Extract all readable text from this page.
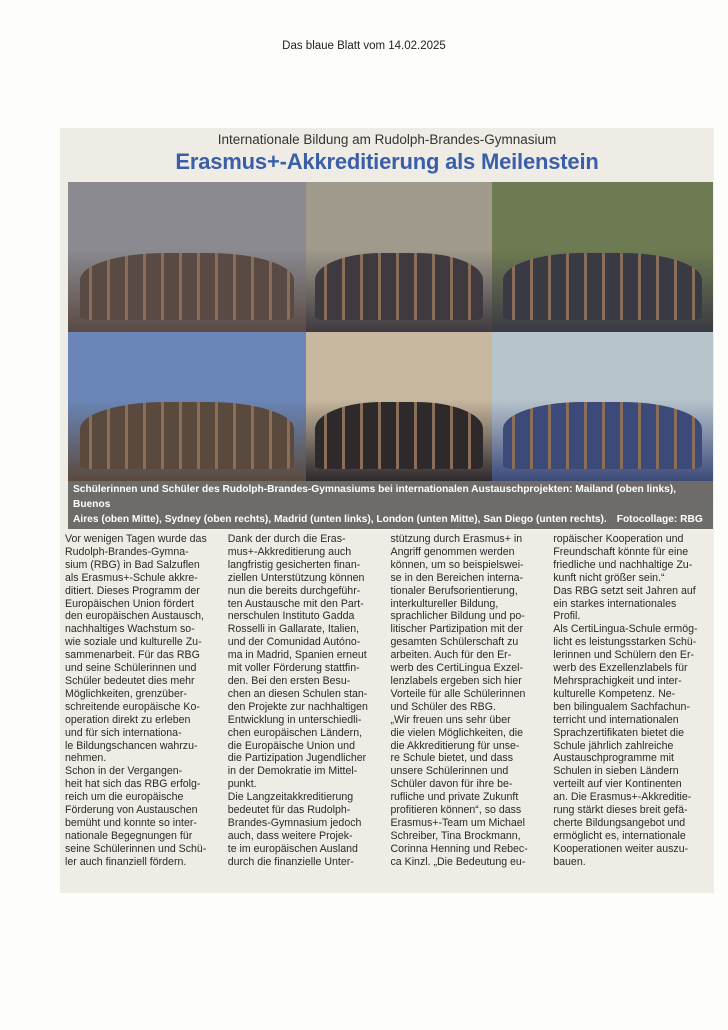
Das blaue Blatt vom 14.02.2025
Internationale Bildung am Rudolph-Brandes-Gymnasium
Erasmus+-Akkreditierung als Meilenstein
Schülerinnen und Schüler des Rudolph-Brandes-Gymnasiums bei internationalen Austauschprojekten: Mailand (oben links), Buenos
Aires (oben Mitte), Sydney (oben rechts), Madrid (unten links), London (unten Mitte), San Diego (unten rechts). Fotocollage: RBG
Vor wenigen Tagen wurde das
Rudolph-Brandes-Gymna-
sium (RBG) in Bad Salzuflen
als Erasmus+-Schule akkre-
ditiert. Dieses Programm der
Europäischen Union fördert
den europäischen Austausch,
nachhaltiges Wachstum so-
wie soziale und kulturelle Zu-
sammenarbeit. Für das RBG
und seine Schülerinnen und
Schüler bedeutet dies mehr
Möglichkeiten, grenzüber-
schreitende europäische Ko-
operation direkt zu erleben
und für sich internationa-
le Bildungschancen wahrzu-
nehmen.
Schon in der Vergangen-
heit hat sich das RBG erfolg-
reich um die europäische
Förderung von Austauschen
bemüht und konnte so inter-
nationale Begegnungen für
seine Schülerinnen und Schü-
ler auch finanziell fördern.
Dank der durch die Eras-
mus+-Akkreditierung auch
langfristig gesicherten finan-
ziellen Unterstützung können
nun die bereits durchgeführ-
ten Austausche mit den Part-
nerschulen Instituto Gadda
Rosselli in Gallarate, Italien,
und der Comunidad Autóno-
ma in Madrid, Spanien erneut
mit voller Förderung stattfin-
den. Bei den ersten Besu-
chen an diesen Schulen stan-
den Projekte zur nachhaltigen
Entwicklung in unterschiedli-
chen europäischen Ländern,
die Europäische Union und
die Partizipation Jugendlicher
in der Demokratie im Mittel-
punkt.
Die Langzeitakkreditierung
bedeutet für das Rudolph-
Brandes-Gymnasium jedoch
auch, dass weitere Projek-
te im europäischen Ausland
durch die finanzielle Unter-
stützung durch Erasmus+ in
Angriff genommen werden
können, um so beispielswei-
se in den Bereichen interna-
tionaler Berufsorientierung,
interkultureller Bildung,
sprachlicher Bildung und po-
litischer Partizipation mit der
gesamten Schülerschaft zu
arbeiten. Auch für den Er-
werb des CertiLingua Exzel-
lenzlabels ergeben sich hier
Vorteile für alle Schülerinnen
und Schüler des RBG.
„Wir freuen uns sehr über
die vielen Möglichkeiten, die
die Akkreditierung für unse-
re Schule bietet, und dass
unsere Schülerinnen und
Schüler davon für ihre be-
rufliche und private Zukunft
profitieren können“, so dass
Erasmus+-Team um Michael
Schreiber, Tina Brockmann,
Corinna Henning und Rebec-
ca Kinzl. „Die Bedeutung eu-
ropäischer Kooperation und
Freundschaft könnte für eine
friedliche und nachhaltige Zu-
kunft nicht größer sein.“
Das RBG setzt seit Jahren auf
ein starkes internationales
Profil.
Als CertiLingua-Schule ermög-
licht es leistungsstarken Schü-
lerinnen und Schülern den Er-
werb des Exzellenzlabels für
Mehrsprachigkeit und inter-
kulturelle Kompetenz. Ne-
ben bilingualem Sachfachun-
terricht und internationalen
Sprachzertifikaten bietet die
Schule jährlich zahlreiche
Austauschprogramme mit
Schulen in sieben Ländern
verteilt auf vier Kontinenten
an. Die Erasmus+-Akkreditie-
rung stärkt dieses breit gefä-
cherte Bildungsangebot und
ermöglicht es, internationale
Kooperationen weiter auszu-
bauen.
